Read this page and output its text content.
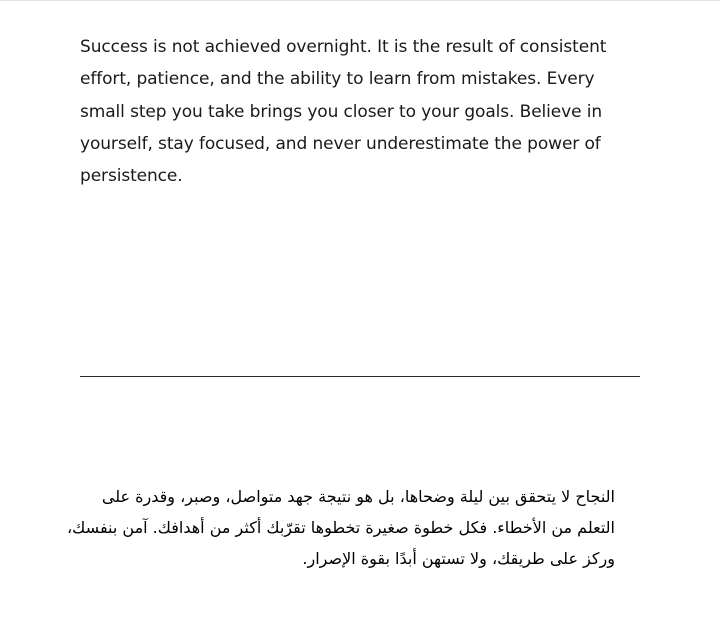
Success is not achieved overnight. It is the result of consistent
effort, patience, and the ability to learn from mistakes. Every
small step you take brings you closer to your goals. Believe in
yourself, stay focused, and never underestimate the power of
persistence.

النجاح لا يتحقق بين ليلة وضحاها، بل هو نتيجة جهد متواصل، وصبر، وقدرة على
التعلم من الأخطاء. فكل خطوة صغيرة تخطوها تقرّبك أكثر من أهدافك. آمن بنفسك،
وركز على طريقك، ولا تستهن أبدًا بقوة الإصرار.
